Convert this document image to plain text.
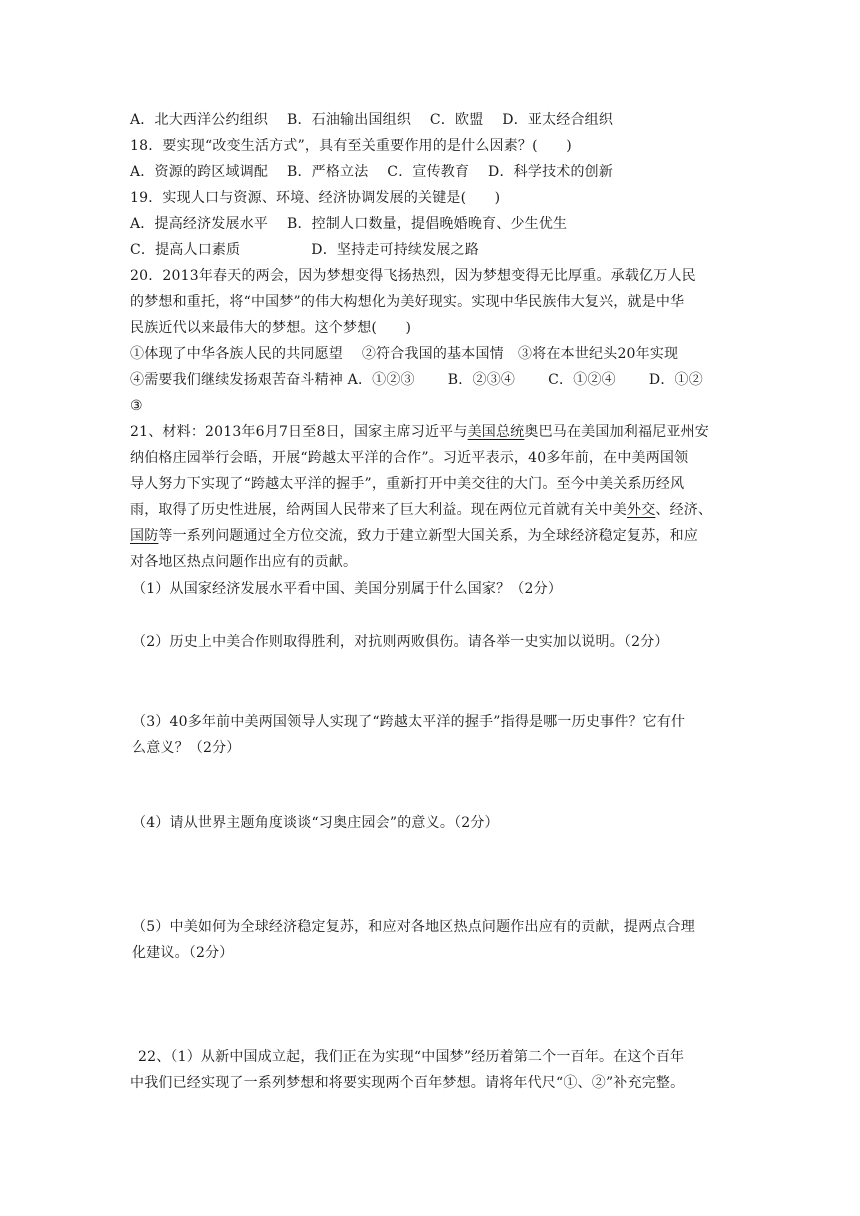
A．北大西洋公约组织　 B．石油输出国组织　 C．欧盟　 D．亚太经合组织
18．要实现“改变生活方式”，具有至关重要作用的是什么因素？(　　)
A．资源的跨区域调配　 B．严格立法　 C．宣传教育　 D．科学技术的创新
19．实现人口与资源、环境、经济协调发展的关键是(　　)
A．提高经济发展水平　 B．控制人口数量，提倡晚婚晚育、少生优生
C．提高人口素质　　　　　D．坚持走可持续发展之路
20．2013年春天的两会，因为梦想变得飞扬热烈，因为梦想变得无比厚重。承载亿万人民
的梦想和重托，将“中国梦”的伟大构想化为美好现实。实现中华民族伟大复兴，就是中华
民族近代以来最伟大的梦想。这个梦想(　　)
①体现了中华各族人民的共同愿望　 ②符合我国的基本国情　③将在本世纪头20年实现
④需要我们继续发扬艰苦奋斗精神 A．①②③　　 B．②③④　　 C．①②④　　 D．①②
③
21、材料：2013年6月7日至8日，国家主席习近平与美国总统奥巴马在美国加利福尼亚州安
纳伯格庄园举行会晤，开展“跨越太平洋的合作”。习近平表示，40多年前，在中美两国领
导人努力下实现了“跨越太平洋的握手”，重新打开中美交往的大门。至今中美关系历经风
雨，取得了历史性进展，给两国人民带来了巨大利益。现在两位元首就有关中美外交、经济、
国防等一系列问题通过全方位交流，致力于建立新型大国关系，为全球经济稳定复苏，和应
对各地区热点问题作出应有的贡献。
（1）从国家经济发展水平看中国、美国分别属于什么国家？（2分）
（2）历史上中美合作则取得胜利，对抗则两败俱伤。请各举一史实加以说明。（2分）
（3）40多年前中美两国领导人实现了“跨越太平洋的握手”指得是哪一历史事件？它有什
么意义？（2分）
（4）请从世界主题角度谈谈“习奥庄园会”的意义。（2分）
（5）中美如何为全球经济稳定复苏，和应对各地区热点问题作出应有的贡献，提两点合理
化建议。（2分）
22、（1）从新中国成立起，我们正在为实现“中国梦”经历着第二个一百年。在这个百年
中我们已经实现了一系列梦想和将要实现两个百年梦想。请将年代尺“①、②”补充完整。
